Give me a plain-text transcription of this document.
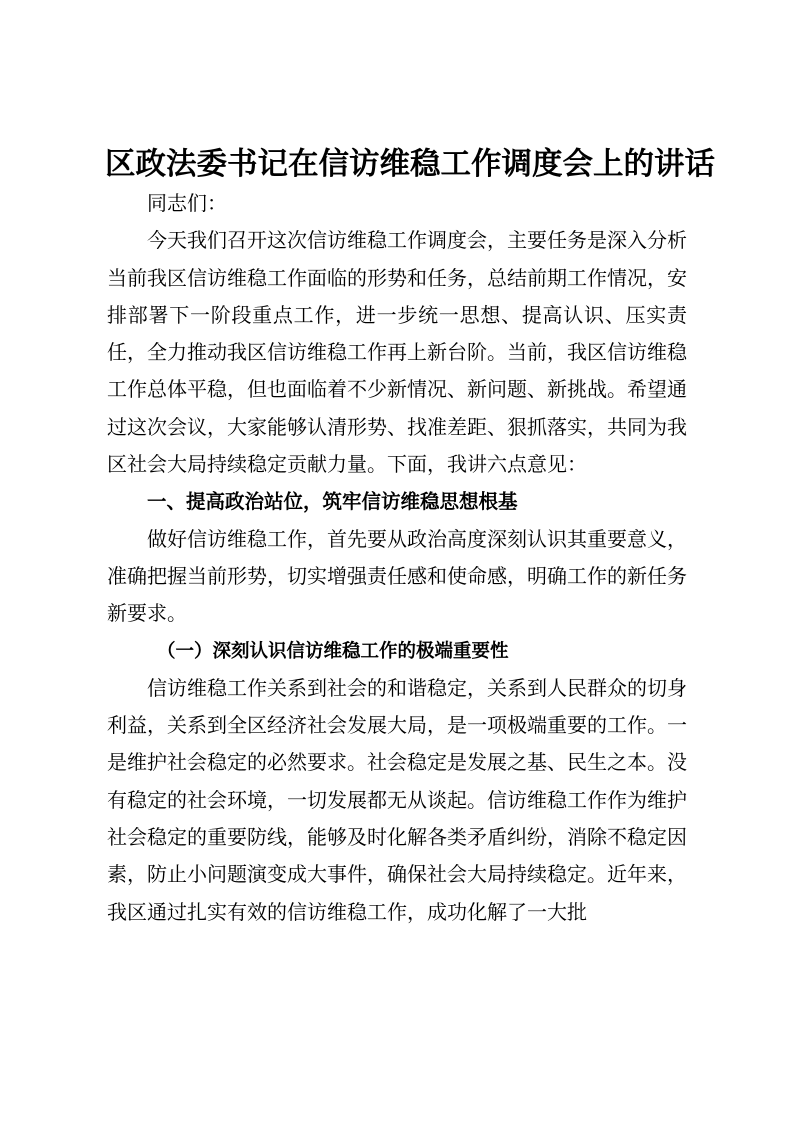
区政法委书记在信访维稳工作调度会上的讲话

同志们：

今天我们召开这次信访维稳工作调度会，主要任务是深入分析当前我区信访维稳工作面临的形势和任务，总结前期工作情况，安排部署下一阶段重点工作，进一步统一思想、提高认识、压实责任，全力推动我区信访维稳工作再上新台阶。当前，我区信访维稳工作总体平稳，但也面临着不少新情况、新问题、新挑战。希望通过这次会议，大家能够认清形势、找准差距、狠抓落实，共同为我区社会大局持续稳定贡献力量。下面，我讲六点意见：

一、提高政治站位，筑牢信访维稳思想根基

做好信访维稳工作，首先要从政治高度深刻认识其重要意义，准确把握当前形势，切实增强责任感和使命感，明确工作的新任务新要求。

（一）深刻认识信访维稳工作的极端重要性

信访维稳工作关系到社会的和谐稳定，关系到人民群众的切身利益，关系到全区经济社会发展大局，是一项极端重要的工作。一是维护社会稳定的必然要求。社会稳定是发展之基、民生之本。没有稳定的社会环境，一切发展都无从谈起。信访维稳工作作为维护社会稳定的重要防线，能够及时化解各类矛盾纠纷，消除不稳定因素，防止小问题演变成大事件，确保社会大局持续稳定。近年来，我区通过扎实有效的信访维稳工作，成功化解了一大批
